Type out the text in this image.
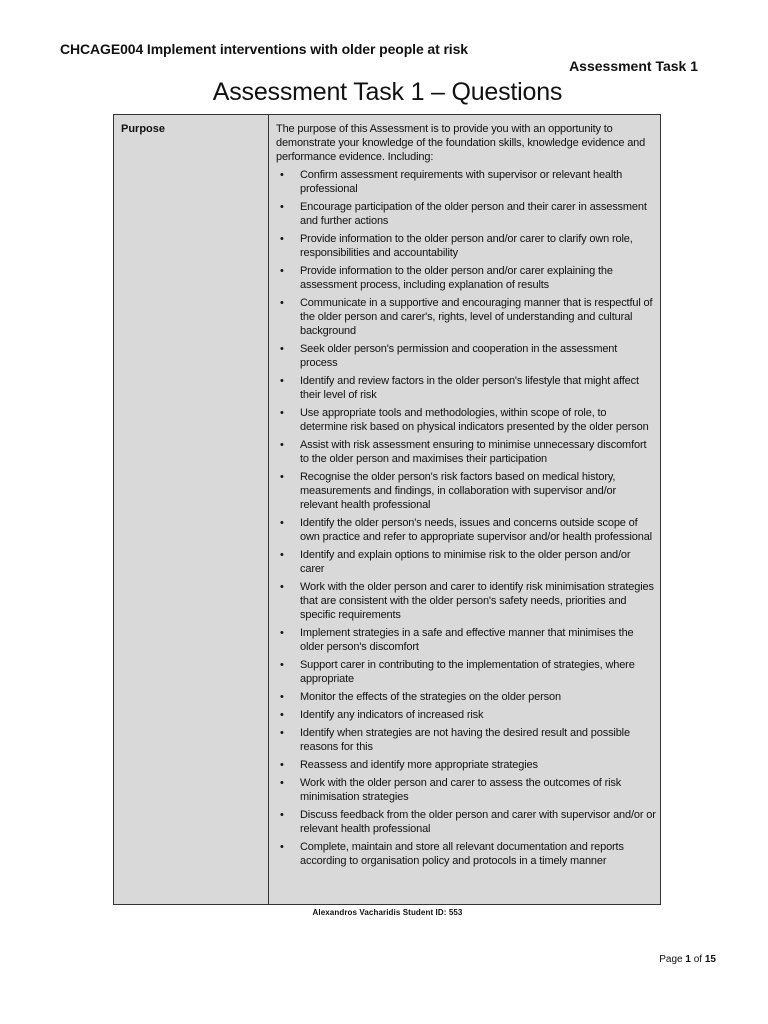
CHCAGE004 Implement interventions with older people at risk
Assessment Task 1
Assessment Task 1 – Questions
Purpose	The purpose of this Assessment is to provide you with an opportunity to demonstrate your knowledge of the foundation skills, knowledge evidence and performance evidence. Including:

• Confirm assessment requirements with supervisor or relevant health professional
• Encourage participation of the older person and their carer in assessment and further actions
• Provide information to the older person and/or carer to clarify own role, responsibilities and accountability
• Provide information to the older person and/or carer explaining the assessment process, including explanation of results
• Communicate in a supportive and encouraging manner that is respectful of the older person and carer's, rights, level of understanding and cultural background
• Seek older person's permission and cooperation in the assessment process
• Identify and review factors in the older person's lifestyle that might affect their level of risk
• Use appropriate tools and methodologies, within scope of role, to determine risk based on physical indicators presented by the older person
• Assist with risk assessment ensuring to minimise unnecessary discomfort to the older person and maximises their participation
• Recognise the older person's risk factors based on medical history, measurements and findings, in collaboration with supervisor and/or relevant health professional
• Identify the older person's needs, issues and concerns outside scope of own practice and refer to appropriate supervisor and/or health professional
• Identify and explain options to minimise risk to the older person and/or carer
• Work with the older person and carer to identify risk minimisation strategies that are consistent with the older person's safety needs, priorities and specific requirements
• Implement strategies in a safe and effective manner that minimises the older person's discomfort
• Support carer in contributing to the implementation of strategies, where appropriate
• Monitor the effects of the strategies on the older person
• Identify any indicators of increased risk
• Identify when strategies are not having the desired result and possible reasons for this
• Reassess and identify more appropriate strategies
• Work with the older person and carer to assess the outcomes of risk minimisation strategies
• Discuss feedback from the older person and carer with supervisor and/or or relevant health professional
• Complete, maintain and store all relevant documentation and reports according to organisation policy and protocols in a timely manner
Alexandros Vacharidis Student ID: 553
Page 1 of 15
